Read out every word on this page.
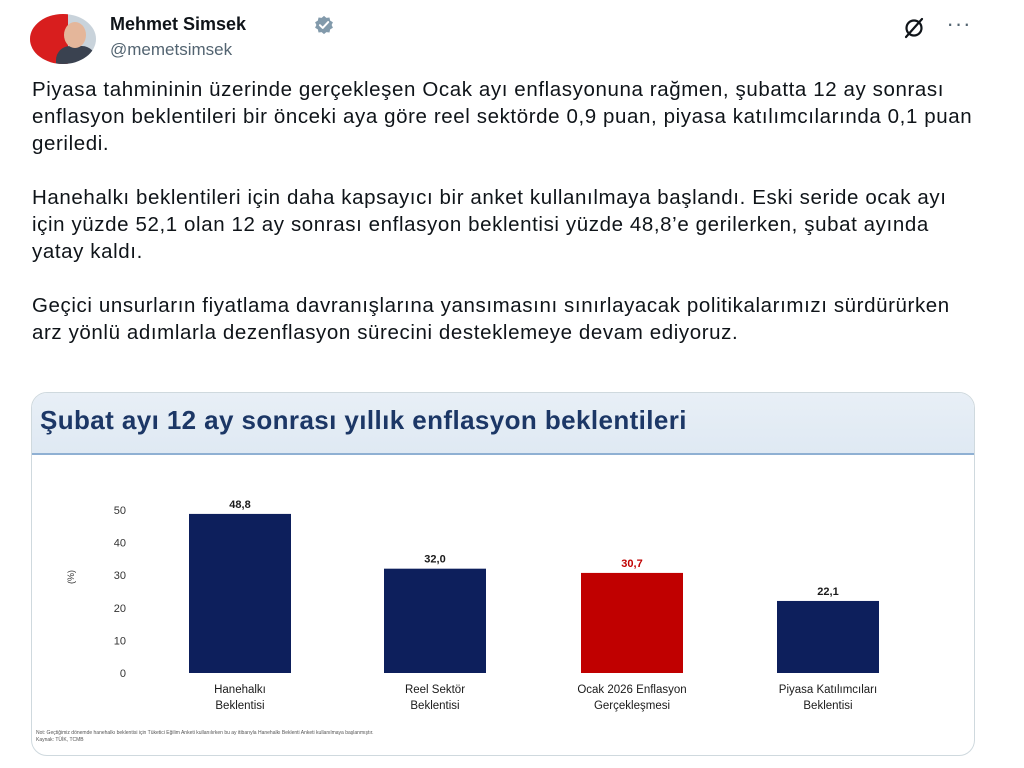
Mehmet Simsek
@memetsimsek
···

Piyasa tahmininin üzerinde gerçekleşen Ocak ayı enflasyonuna rağmen, şubatta 12 ay sonrası enflasyon beklentileri bir önceki aya göre reel sektörde 0,9 puan, piyasa katılımcılarında 0,1 puan geriledi.

Hanehalkı beklentileri için daha kapsayıcı bir anket kullanılmaya başlandı. Eski seride ocak ayı için yüzde 52,1 olan 12 ay sonrası enflasyon beklentisi yüzde 48,8’e gerilerken, şubat ayında yatay kaldı.

Geçici unsurların fiyatlama davranışlarına yansımasını sınırlayacak politikalarımızı sürdürürken arz yönlü adımlarla dezenflasyon sürecini desteklemeye devam ediyoruz.

Şubat ayı 12 ay sonrası yıllık enflasyon beklentileri
0
10
20
30
40
50
(%)
48,8
Hanehalkı
Beklentisi
32,0
Reel Sektör
Beklentisi
30,7
Ocak 2026 Enflasyon
Gerçekleşmesi
22,1
Piyasa Katılımcıları
Beklentisi
Not: Geçtiğimiz dönemde hanehalkı beklentisi için Tüketici Eğilim Anketi kullanılırken bu ay itibarıyla Hanehalkı Beklenti Anketi kullanılmaya başlanmıştır.
Kaynak: TÜİK, TCMB
